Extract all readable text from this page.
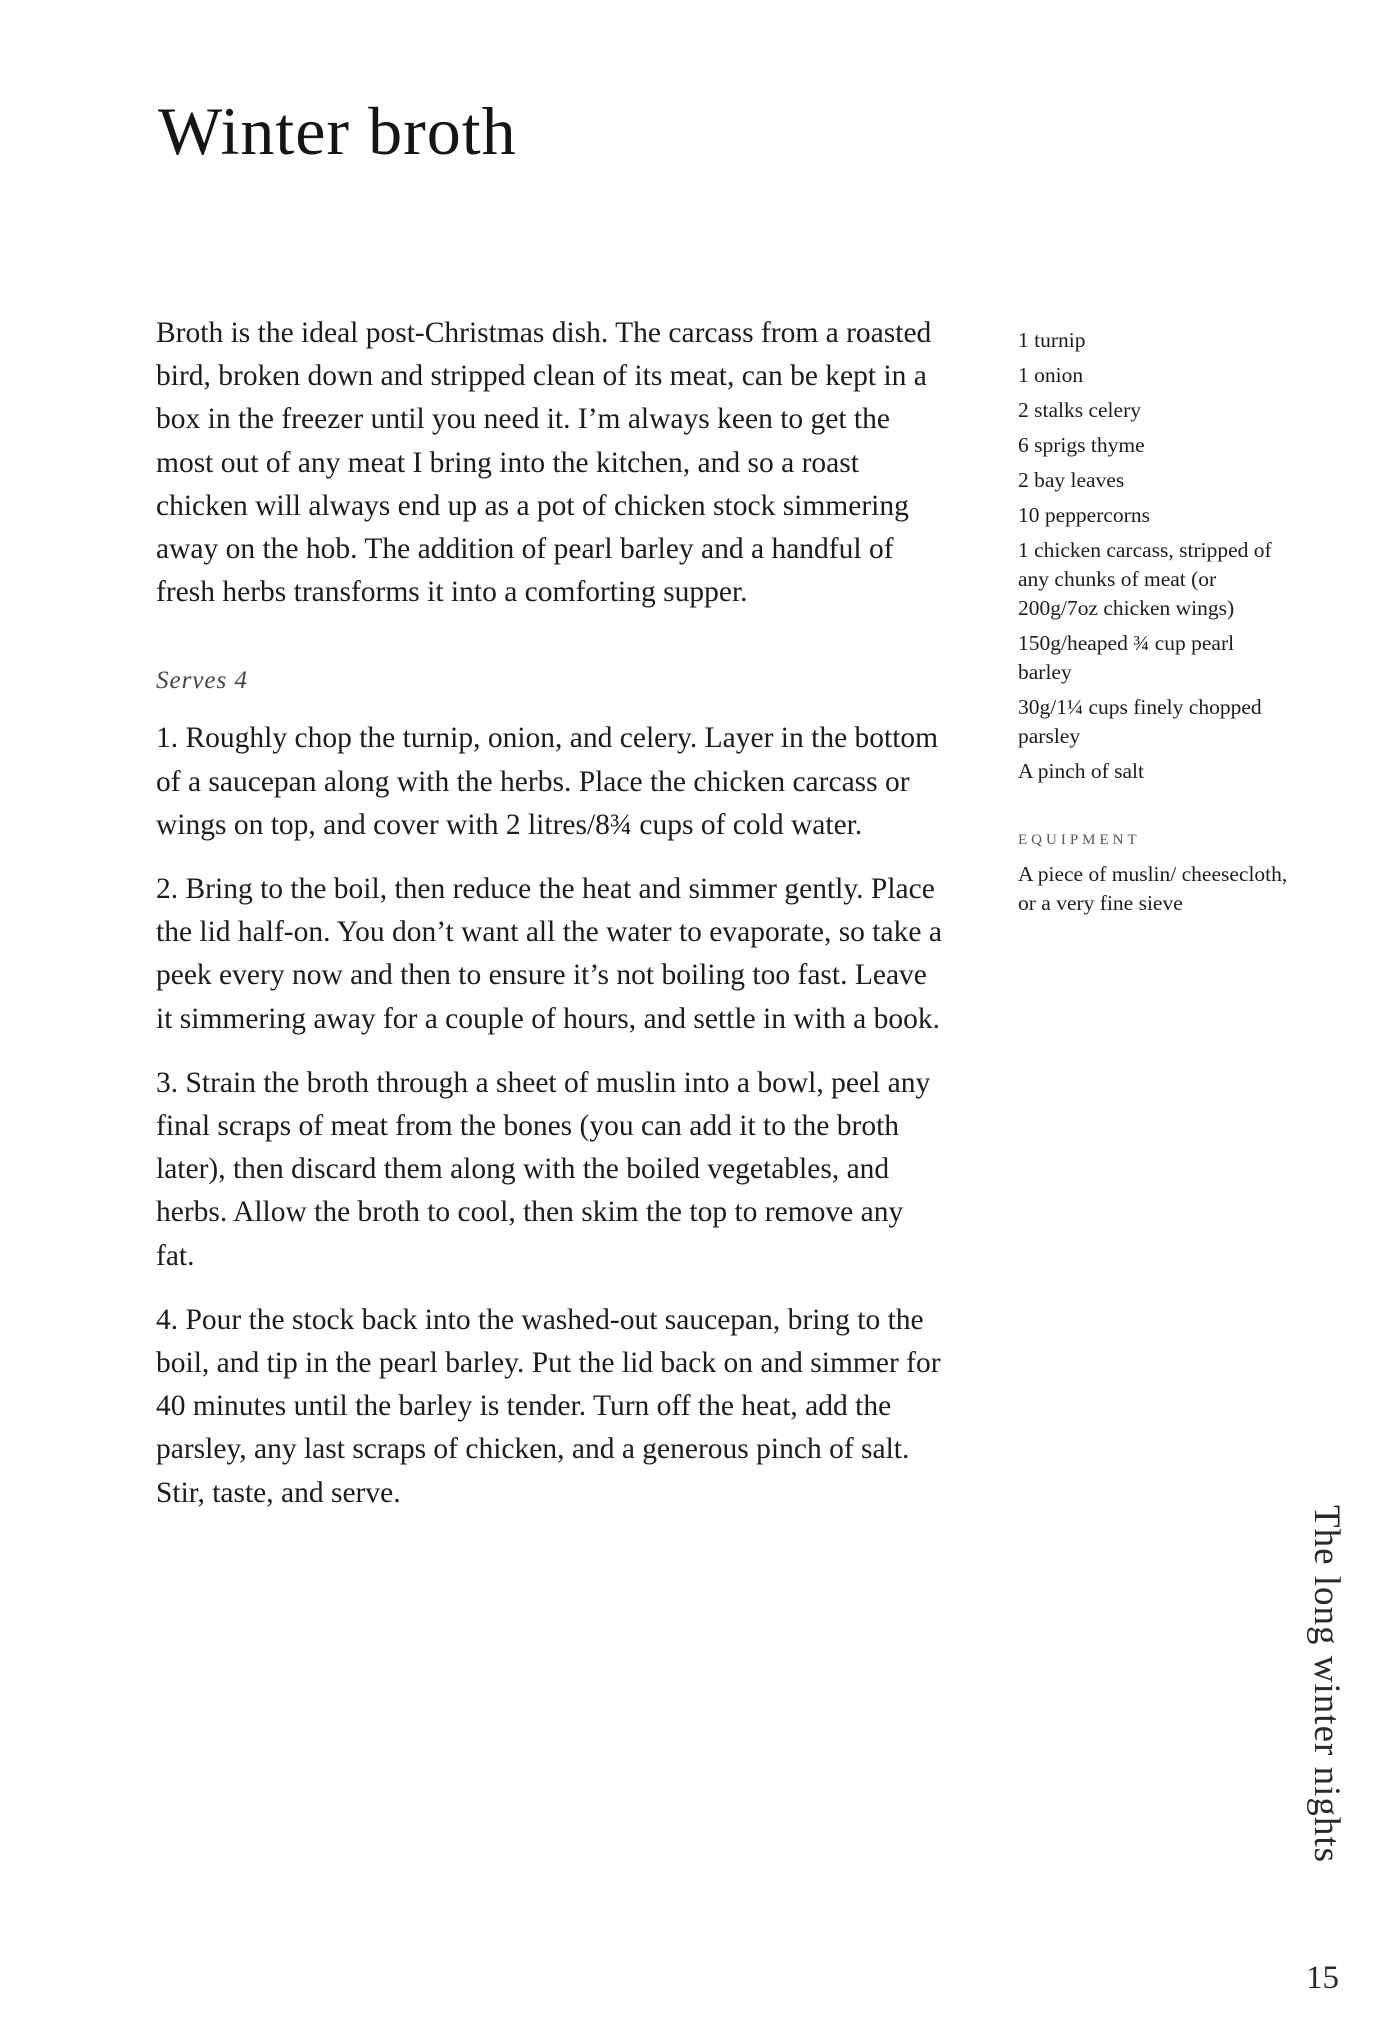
Winter broth

Broth is the ideal post-Christmas dish. The carcass from a roasted bird, broken down and stripped clean of its meat, can be kept in a box in the freezer until you need it. I’m always keen to get the most out of any meat I bring into the kitchen, and so a roast chicken will always end up as a pot of chicken stock simmering away on the hob. The addition of pearl barley and a handful of fresh herbs transforms it into a comforting supper.

Serves 4

1. Roughly chop the turnip, onion, and celery. Layer in the bottom of a saucepan along with the herbs. Place the chicken carcass or wings on top, and cover with 2 litres/8¾ cups of cold water.

2. Bring to the boil, then reduce the heat and simmer gently. Place the lid half-on. You don’t want all the water to evaporate, so take a peek every now and then to ensure it’s not boiling too fast. Leave it simmering away for a couple of hours, and settle in with a book.

3. Strain the broth through a sheet of muslin into a bowl, peel any final scraps of meat from the bones (you can add it to the broth later), then discard them along with the boiled vegetables, and herbs. Allow the broth to cool, then skim the top to remove any fat.

4. Pour the stock back into the washed-out saucepan, bring to the boil, and tip in the pearl barley. Put the lid back on and simmer for 40 minutes until the barley is tender. Turn off the heat, add the parsley, any last scraps of chicken, and a generous pinch of salt. Stir, taste, and serve.

1 turnip
1 onion
2 stalks celery
6 sprigs thyme
2 bay leaves
10 peppercorns
1 chicken carcass, stripped of any chunks of meat (or 200g/7oz chicken wings)
150g/heaped ¾ cup pearl barley
30g/1¼ cups finely chopped parsley
A pinch of salt
EQUIPMENT

A piece of muslin/ cheesecloth, or a very fine sieve

The long winter nights
15
